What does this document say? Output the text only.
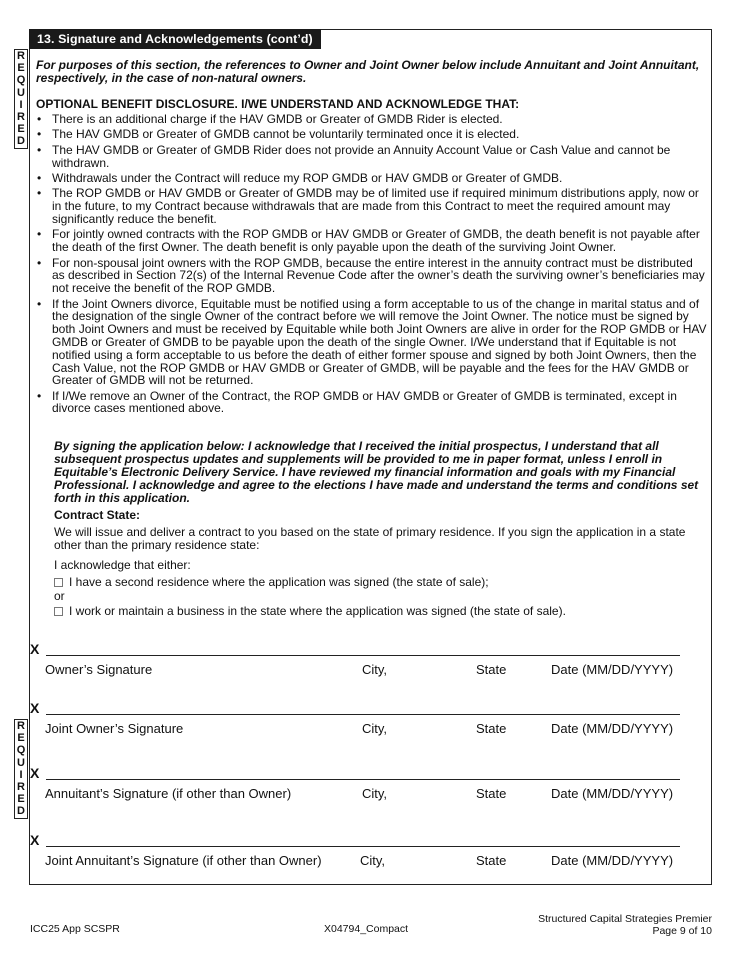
13. Signature and Acknowledgements (cont’d)
R
E
Q
U
I
R
E
D
R
E
Q
U
I
R
E
D

For purposes of this section, the references to Owner and Joint Owner below include Annuitant and Joint Annuitant, respectively, in the case of non-natural owners.

OPTIONAL BENEFIT DISCLOSURE. I/WE UNDERSTAND AND ACKNOWLEDGE THAT:

• There is an additional charge if the HAV GMDB or Greater of GMDB Rider is elected.
• The HAV GMDB or Greater of GMDB cannot be voluntarily terminated once it is elected.
• The HAV GMDB or Greater of GMDB Rider does not provide an Annuity Account Value or Cash Value and cannot be withdrawn.
• Withdrawals under the Contract will reduce my ROP GMDB or HAV GMDB or Greater of GMDB.
• The ROP GMDB or HAV GMDB or Greater of GMDB may be of limited use if required minimum distributions apply, now or in the future, to my Contract because withdrawals that are made from this Contract to meet the required amount may significantly reduce the benefit.
• For jointly owned contracts with the ROP GMDB or HAV GMDB or Greater of GMDB, the death benefit is not payable after the death of the first Owner. The death benefit is only payable upon the death of the surviving Joint Owner.
• For non-spousal joint owners with the ROP GMDB, because the entire interest in the annuity contract must be distributed as described in Section 72(s) of the Internal Revenue Code after the owner’s death the surviving owner’s beneficiaries may not receive the benefit of the ROP GMDB.
• If the Joint Owners divorce, Equitable must be notified using a form acceptable to us of the change in marital status and of the designation of the single Owner of the contract before we will remove the Joint Owner. The notice must be signed by both Joint Owners and must be received by Equitable while both Joint Owners are alive in order for the ROP GMDB or HAV GMDB or Greater of GMDB to be payable upon the death of the single Owner. I/We understand that if Equitable is not notified using a form acceptable to us before the death of either former spouse and signed by both Joint Owners, then the Cash Value, not the ROP GMDB or HAV GMDB or Greater of GMDB, will be payable and the fees for the HAV GMDB or Greater of GMDB will not be returned.
• If I/We remove an Owner of the Contract, the ROP GMDB or HAV GMDB or Greater of GMDB is terminated, except in divorce cases mentioned above.

By signing the application below: I acknowledge that I received the initial prospectus, I understand that all subsequent prospectus updates and supplements will be provided to me in paper format, unless I enroll in Equitable’s Electronic Delivery Service. I have reviewed my financial information and goals with my Financial Professional. I acknowledge and agree to the elections I have made and understand the terms and conditions set forth in this application.

Contract State:

We will issue and deliver a contract to you based on the state of primary residence. If you sign the application in a state other than the primary residence state:

I acknowledge that either:

I have a second residence where the application was signed (the state of sale);

or

I work or maintain a business in the state where the application was signed (the state of sale).
X
Owner’s Signature	City,	State	Date (MM/DD/YYYY)
X
Joint Owner’s Signature	City,	State	Date (MM/DD/YYYY)
X
Annuitant’s Signature (if other than Owner)	City,	State	Date (MM/DD/YYYY)
X
Joint Annuitant’s Signature (if other than Owner)	City,	State	Date (MM/DD/YYYY)
ICC25 App SCSPR	X04794_Compact
Structured Capital Strategies Premier
Page 9 of 10
